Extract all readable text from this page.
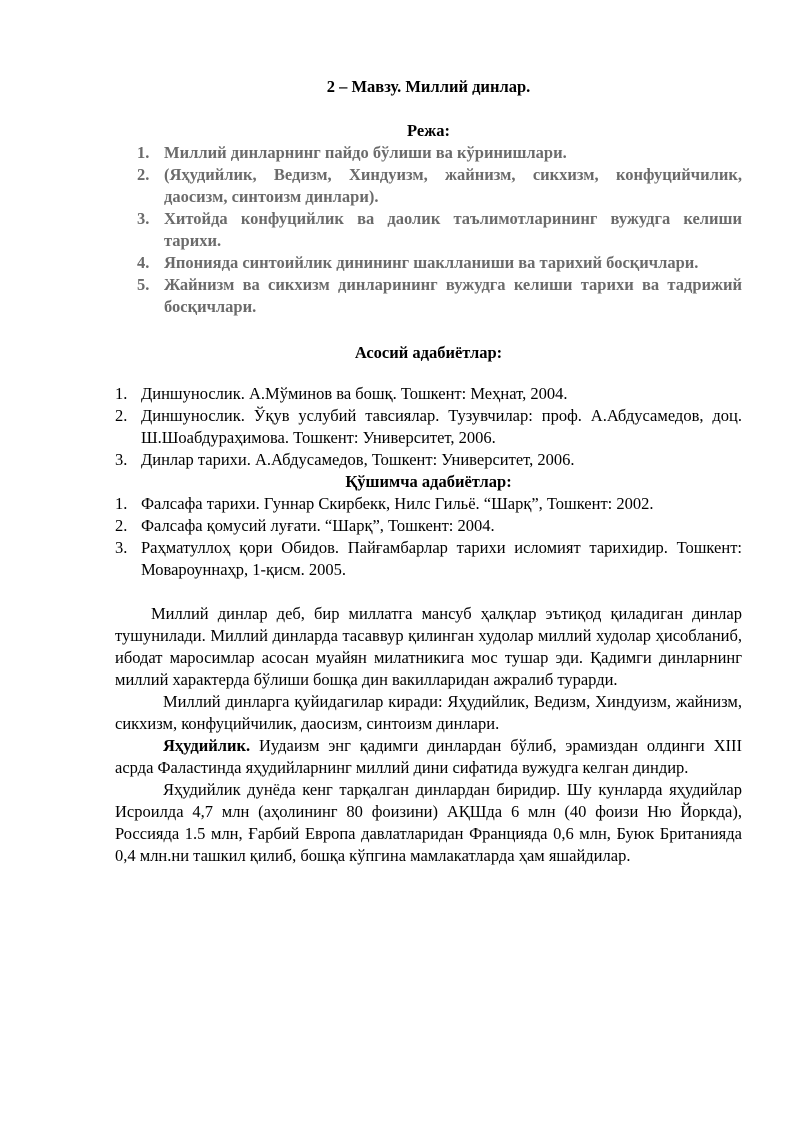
2 – Мавзу. Миллий динлар.
Режа:
1. Миллий динларнинг пайдо бўлиши ва кўринишлари.
2. (Яҳудийлик, Ведизм, Хиндуизм, жайнизм, сикхизм, конфуцийчилик, даосизм, синтоизм динлари).
3. Хитойда конфуцийлик ва даолик таълимотларининг вужудга келиши тарихи.
4. Японияда синтоийлик динининг шаклланиши ва тарихий босқичлари.
5. Жайнизм ва сикхизм динларининг вужудга келиши тарихи ва тадрижий босқичлари.
Асосий адабиётлар:
1. Диншунослик. А.Мўминов ва бошқ. Тошкент: Меҳнат, 2004.
2. Диншунослик. Ўқув услубий тавсиялар. Тузувчилар: проф. А.Абдусамедов, доц. Ш.Шоабдураҳимова. Тошкент: Университет, 2006.
3. Динлар тарихи. А.Абдусамедов, Тошкент: Университет, 2006.
Қўшимча адабиётлар:
1. Фалсафа тарихи. Гуннар Скирбекк, Нилс Гильё. “Шарқ”, Тошкент: 2002.
2. Фалсафа қомусий луғати. “Шарқ”, Тошкент: 2004.
3. Раҳматуллоҳ қори Обидов. Пайғамбарлар тарихи исломият тарихидир. Тошкент: Мовароуннаҳр, 1-қисм. 2005.

Миллий динлар деб, бир миллатга мансуб ҳалқлар эътиқод қиладиган динлар тушунилади. Миллий динларда тасаввур қилинган худолар миллий худолар ҳисобланиб, ибодат маросимлар асосан муайян милатникига мос тушар эди. Қадимги динларнинг миллий характерда бўлиши бошқа дин вакилларидан ажралиб турарди.

Миллий динларга қуйидагилар киради: Яҳудийлик, Ведизм, Хиндуизм, жайнизм, сикхизм, конфуцийчилик, даосизм, синтоизм динлари.

Яҳудийлик. Иудаизм энг қадимги динлардан бўлиб, эрамиздан олдинги XIII асрда Фаластинда яҳудийларнинг миллий дини сифатида вужудга келган диндир.

Яҳудийлик дунёда кенг тарқалган динлардан биридир. Шу кунларда яҳудийлар Исроилда 4,7 млн (аҳолининг 80 фоизини) АҚШда 6 млн (40 фоизи Ню Йоркда), Россияда 1.5 млн, Ғарбий Европа давлатларидан Францияда 0,6 млн, Буюк Британияда 0,4 млн.ни ташкил қилиб, бошқа кўпгина мамлакатларда ҳам яшайдилар.
